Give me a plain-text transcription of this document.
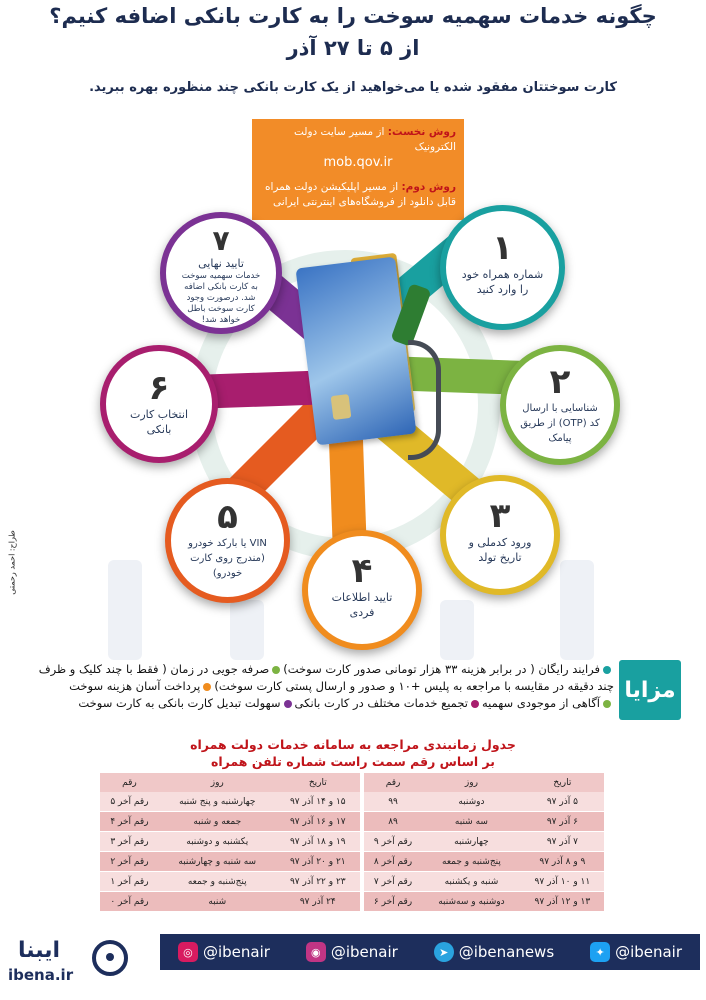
چگونه خدمات سهمیه سوخت را به کارت بانکی اضافه کنیم؟
از ۵ تا ۲۷ آذر
کارت سوختتان مفقود شده یا می‌خواهید از یک کارت بانکی چند منظوره بهره ببرید.

روش نخست: از مسیر سایت دولت الکترونیک
mob.qov.ir

روش دوم: از مسیر اپلیکیشن دولت همراه
قابل دانلود از فروشگاه‌های اینترنتی ایرانی

۱
شماره همراه خود را وارد کنید
۲
شناسایی با ارسال کد (OTP) از طریق پیامک
۳
ورود کدملی و تاریخ تولد
۴
تایید اطلاعات فردی
۵
VIN یا بارکد خودرو (مندرج روی کارت خودرو)
۶
انتخاب کارت بانکی
۷
تایید نهایی
خدمات سهمیه سوخت به کارت بانکی اضافه شد. درصورت وجود کارت سوخت باطل خواهد شد!
طراح: احمد رحمتی
مزایا
فرایند رایگان ( در برابر هزینه ۳۳ هزار تومانی صدور کارت سوخت)صرفه جویی در زمان ( فقط با چند کلیک و ظرف
چند دقیقه در مقایسه با مراجعه به پلیس +۱۰ و صدور و ارسال پستی کارت سوخت)پرداخت آسان هزینه سوخت
آگاهی از موجودی سهمیهتجمیع خدمات مختلف در کارت بانکیسهولت تبدیل کارت بانکی به کارت سوخت
جدول زمانبندی مراجعه به سامانه خدمات دولت همراه
بر اساس رقم سمت راست شماره تلفن همراه
تاریخ	روز	رقم
۵ آذر ۹۷	دوشنبه	۹۹
۶ آذر ۹۷	سه شنبه	۸۹
۷ آذر ۹۷	چهارشنبه	رقم آخر ۹
۹ و ۸ آذر ۹۷	پنج‌شنبه و جمعه	رقم آخر ۸
۱۱ و ۱۰ آذر ۹۷	شنبه و یکشنبه	رقم آخر ۷
۱۳ و ۱۲ آذر ۹۷	دوشنبه و سه‌شنبه	رقم آخر ۶
تاریخ	روز	رقم
۱۵ و ۱۴ آذر ۹۷	چهارشنبه و پنج شنبه	رقم آخر ۵
۱۷ و ۱۶ آذر ۹۷	جمعه و شنبه	رقم آخر ۴
۱۹ و ۱۸ آذر ۹۷	یکشنبه و دوشنبه	رقم آخر ۳
۲۱ و ۲۰ آذر ۹۷	سه شنبه و چهارشنبه	رقم آخر ۲
۲۳ و ۲۲ آذر ۹۷	پنج‌شنبه و جمعه	رقم آخر ۱
۲۴ آذر ۹۷	شنبه	رقم آخر ۰
ایبنا
ibena.ir
◎ @ibenair	◉ @ibenair	➤ @ibenanews	✦ @ibenair
